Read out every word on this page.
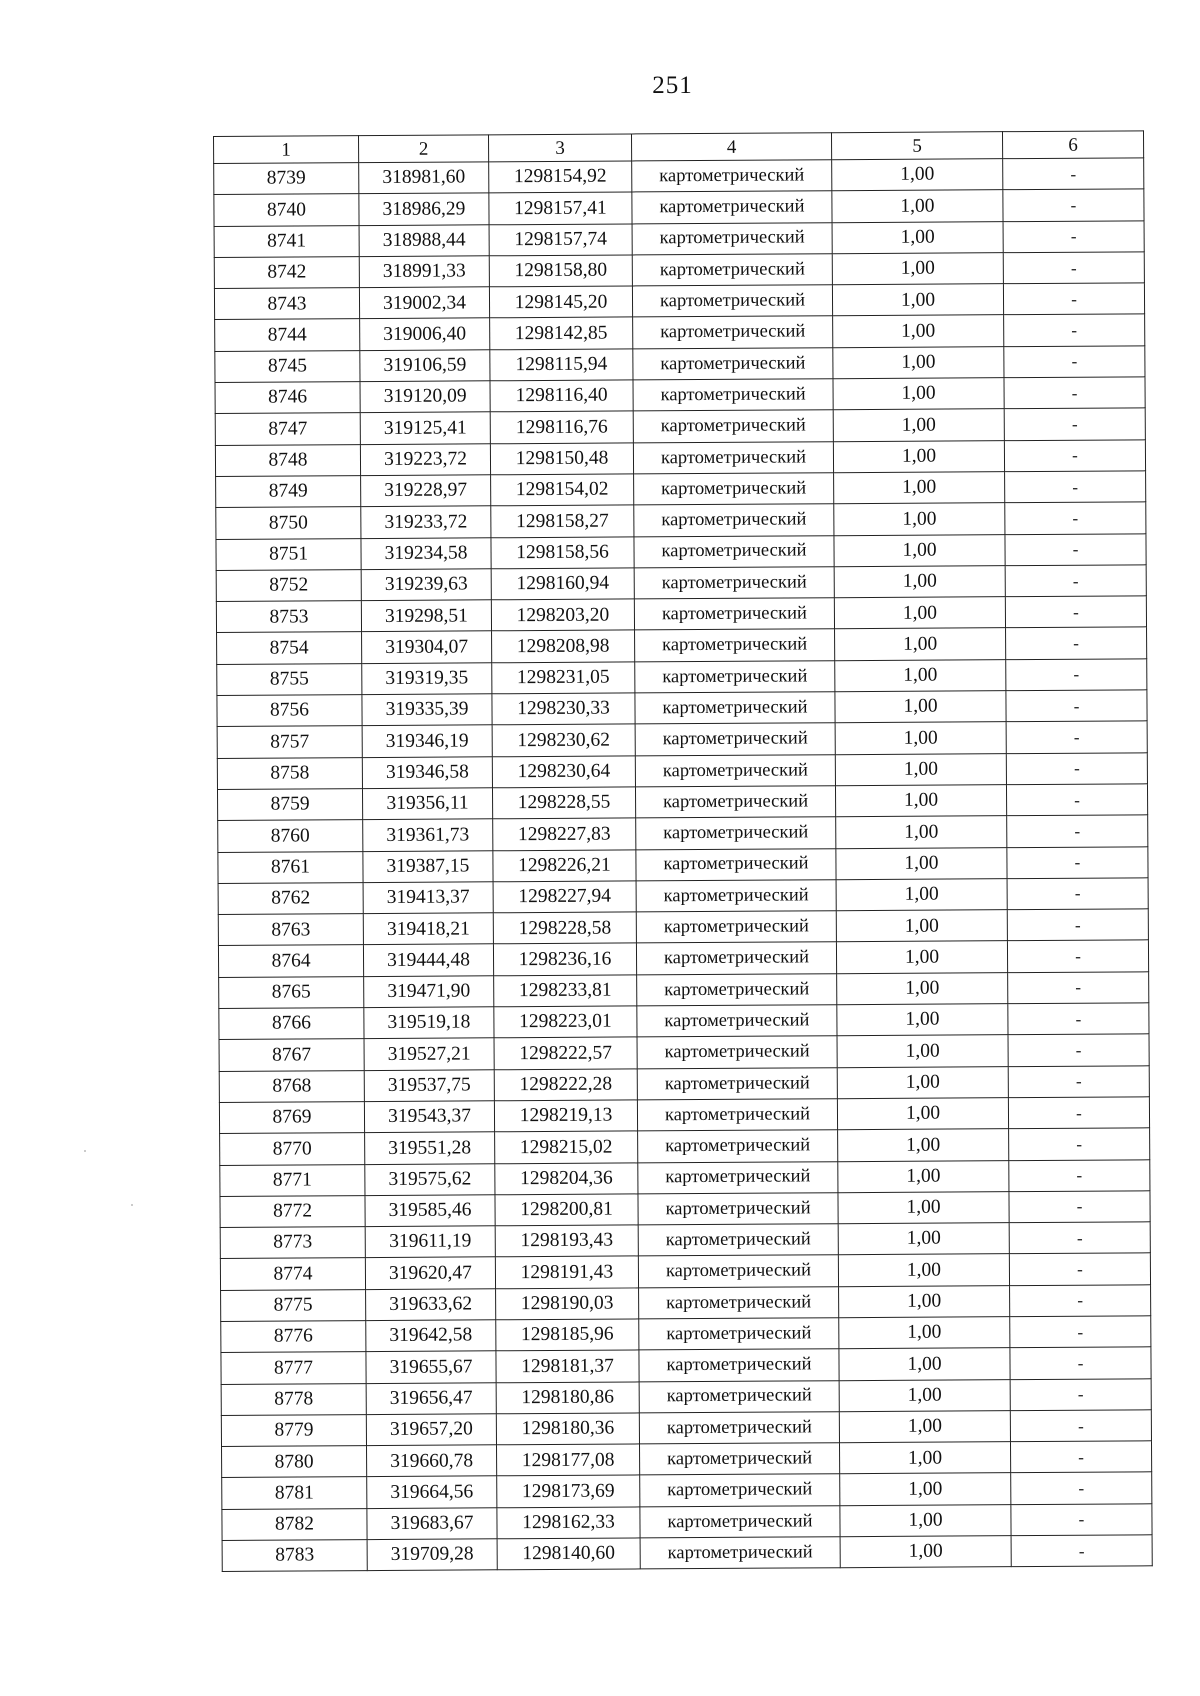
251
1	2	3	4	5	6
8739	318981,60	1298154,92	картометрический	1,00	-
8740	318986,29	1298157,41	картометрический	1,00	-
8741	318988,44	1298157,74	картометрический	1,00	-
8742	318991,33	1298158,80	картометрический	1,00	-
8743	319002,34	1298145,20	картометрический	1,00	-
8744	319006,40	1298142,85	картометрический	1,00	-
8745	319106,59	1298115,94	картометрический	1,00	-
8746	319120,09	1298116,40	картометрический	1,00	-
8747	319125,41	1298116,76	картометрический	1,00	-
8748	319223,72	1298150,48	картометрический	1,00	-
8749	319228,97	1298154,02	картометрический	1,00	-
8750	319233,72	1298158,27	картометрический	1,00	-
8751	319234,58	1298158,56	картометрический	1,00	-
8752	319239,63	1298160,94	картометрический	1,00	-
8753	319298,51	1298203,20	картометрический	1,00	-
8754	319304,07	1298208,98	картометрический	1,00	-
8755	319319,35	1298231,05	картометрический	1,00	-
8756	319335,39	1298230,33	картометрический	1,00	-
8757	319346,19	1298230,62	картометрический	1,00	-
8758	319346,58	1298230,64	картометрический	1,00	-
8759	319356,11	1298228,55	картометрический	1,00	-
8760	319361,73	1298227,83	картометрический	1,00	-
8761	319387,15	1298226,21	картометрический	1,00	-
8762	319413,37	1298227,94	картометрический	1,00	-
8763	319418,21	1298228,58	картометрический	1,00	-
8764	319444,48	1298236,16	картометрический	1,00	-
8765	319471,90	1298233,81	картометрический	1,00	-
8766	319519,18	1298223,01	картометрический	1,00	-
8767	319527,21	1298222,57	картометрический	1,00	-
8768	319537,75	1298222,28	картометрический	1,00	-
8769	319543,37	1298219,13	картометрический	1,00	-
8770	319551,28	1298215,02	картометрический	1,00	-
8771	319575,62	1298204,36	картометрический	1,00	-
8772	319585,46	1298200,81	картометрический	1,00	-
8773	319611,19	1298193,43	картометрический	1,00	-
8774	319620,47	1298191,43	картометрический	1,00	-
8775	319633,62	1298190,03	картометрический	1,00	-
8776	319642,58	1298185,96	картометрический	1,00	-
8777	319655,67	1298181,37	картометрический	1,00	-
8778	319656,47	1298180,86	картометрический	1,00	-
8779	319657,20	1298180,36	картометрический	1,00	-
8780	319660,78	1298177,08	картометрический	1,00	-
8781	319664,56	1298173,69	картометрический	1,00	-
8782	319683,67	1298162,33	картометрический	1,00	-
8783	319709,28	1298140,60	картометрический	1,00	-
